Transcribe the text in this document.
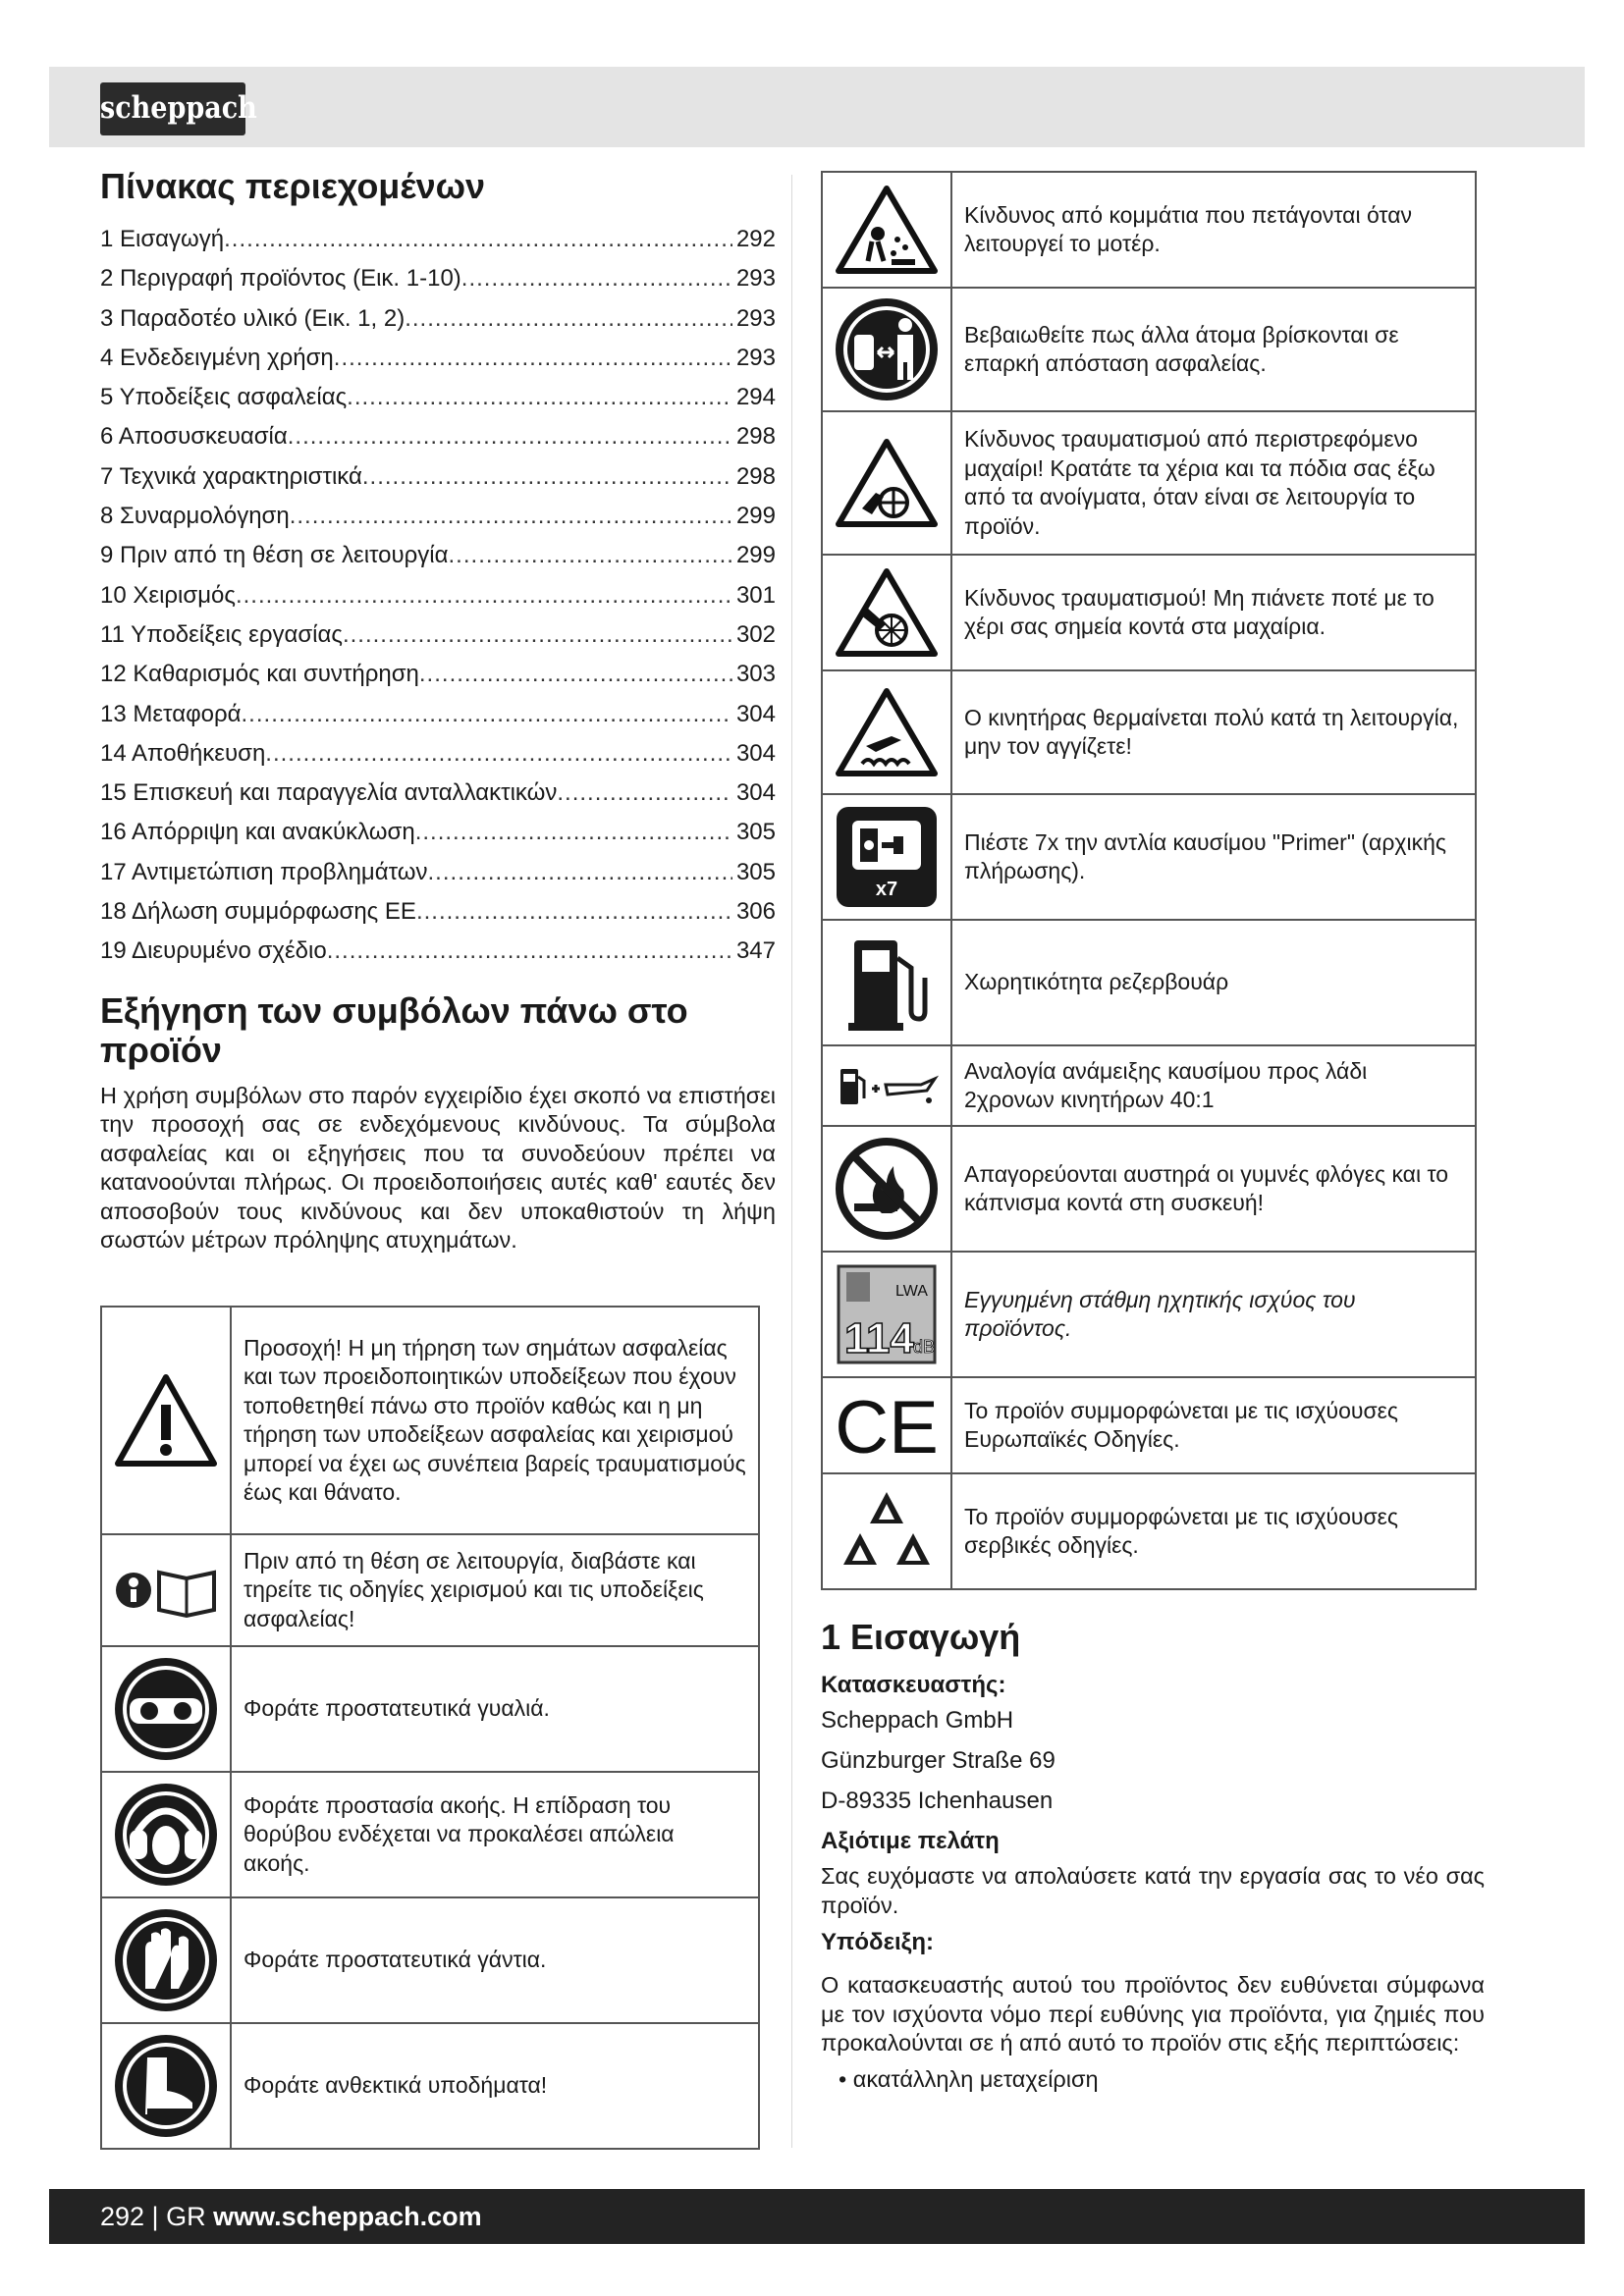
scheppach
Πίνακας περιεχομένων
1 Εισαγωγή .....	292
2 Περιγραφή προϊόντος (Εικ. 1-10) .....	293
3 Παραδοτέο υλικό (Εικ. 1, 2) .....	293
4 Ενδεδειγμένη χρήση .....	293
5 Υποδείξεις ασφαλείας .....	294
6 Αποσυσκευασία .....	298
7 Τεχνικά χαρακτηριστικά .....	298
8 Συναρμολόγηση .....	299
9 Πριν από τη θέση σε λειτουργία .....	299
10 Χειρισμός .....	301
11 Υποδείξεις εργασίας .....	302
12 Καθαρισμός και συντήρηση .....	303
13 Μεταφορά .....	304
14 Αποθήκευση .....	304
15 Επισκευή και παραγγελία ανταλλακτικών .....	304
16 Απόρριψη και ανακύκλωση .....	305
17 Αντιμετώπιση προβλημάτων .....	305
18 Δήλωση συμμόρφωσης ΕΕ .....	306
19 Διευρυμένο σχέδιο .....	347
Εξήγηση των συμβόλων πάνω στο
προϊόν
Η χρήση συμβόλων στο παρόν εγχειρίδιο έχει σκοπό να επιστήσει την προσοχή σας σε ενδεχόμενους κινδύνους. Τα σύμβολα ασφαλείας και οι εξηγήσεις που τα συνοδεύουν πρέπει να κατανοούνται πλήρως. Οι προειδοποιήσεις αυτές καθ' εαυτές δεν αποσοβούν τους κινδύνους και δεν υποκαθιστούν τη λήψη σωστών μέτρων πρόληψης ατυχημάτων.
	Προσοχή! Η μη τήρηση των σημάτων ασφαλείας και των προειδοποιητικών υποδείξεων που έχουν τοποθετηθεί πάνω στο προϊόν καθώς και η μη τήρηση των υποδείξεων ασφαλείας και χειρισμού μπορεί να έχει ως συνέπεια βαρείς τραυματισμούς έως και θάνατο.

	Πριν από τη θέση σε λειτουργία, διαβάστε και τηρείτε τις οδηγίες χειρισμού και τις υποδείξεις ασφαλείας!

	Φοράτε προστατευτικά γυαλιά.

	Φοράτε προστασία ακοής. Η επίδραση του θορύβου ενδέχεται να προκαλέσει απώλεια ακοής.

	Φοράτε προστατευτικά γάντια.

	Φοράτε ανθεκτικά υποδήματα!
	Κίνδυνος από κομμάτια που πετάγονται όταν λειτουργεί το μοτέρ.

	Βεβαιωθείτε πως άλλα άτομα βρίσκονται σε επαρκή απόσταση ασφαλείας.

	Κίνδυνος τραυματισμού από περιστρεφόμενο μαχαίρι! Κρατάτε τα χέρια και τα πόδια σας έξω από τα ανοίγματα, όταν είναι σε λειτουργία το προϊόν.

	Κίνδυνος τραυματισμού! Μη πιάνετε ποτέ με το χέρι σας σημεία κοντά στα μαχαίρια.

	Ο κινητήρας θερμαίνεται πολύ κατά τη λειτουργία, μην τον αγγίζετε!

x7	Πιέστε 7x την αντλία καυσίμου "Primer" (αρχικής πλήρωσης).

	Χωρητικότητα ρεζερβουάρ

	Αναλογία ανάμειξης καυσίμου προς λάδι 2χρονων κινητήρων 40:1

	Απαγορεύονται αυστηρά οι γυμνές φλόγες και το κάπνισμα κοντά στη συσκευή!

LWA
114 dB	Εγγυημένη στάθμη ηχητικής ισχύος του προϊόντος.

CE	Το προϊόν συμμορφώνεται με τις ισχύουσες Ευρωπαϊκές Οδηγίες.

	Το προϊόν συμμορφώνεται με τις ισχύουσες σερβικές οδηγίες.
1 Εισαγωγή
Κατασκευαστής:
Scheppach GmbH
Günzburger Straße 69
D-89335 Ichenhausen
Αξιότιμε πελάτη
Σας ευχόμαστε να απολαύσετε κατά την εργασία σας το νέο σας προϊόν.
Υπόδειξη:
Ο κατασκευαστής αυτού του προϊόντος δεν ευθύνεται σύμφωνα με τον ισχύοντα νόμο περί ευθύνης για προϊόντα, για ζημιές που προκαλούνται σε ή από αυτό το προϊόν στις εξής περιπτώσεις:
• ακατάλληλη μεταχείριση
292 | GR www.scheppach.com
